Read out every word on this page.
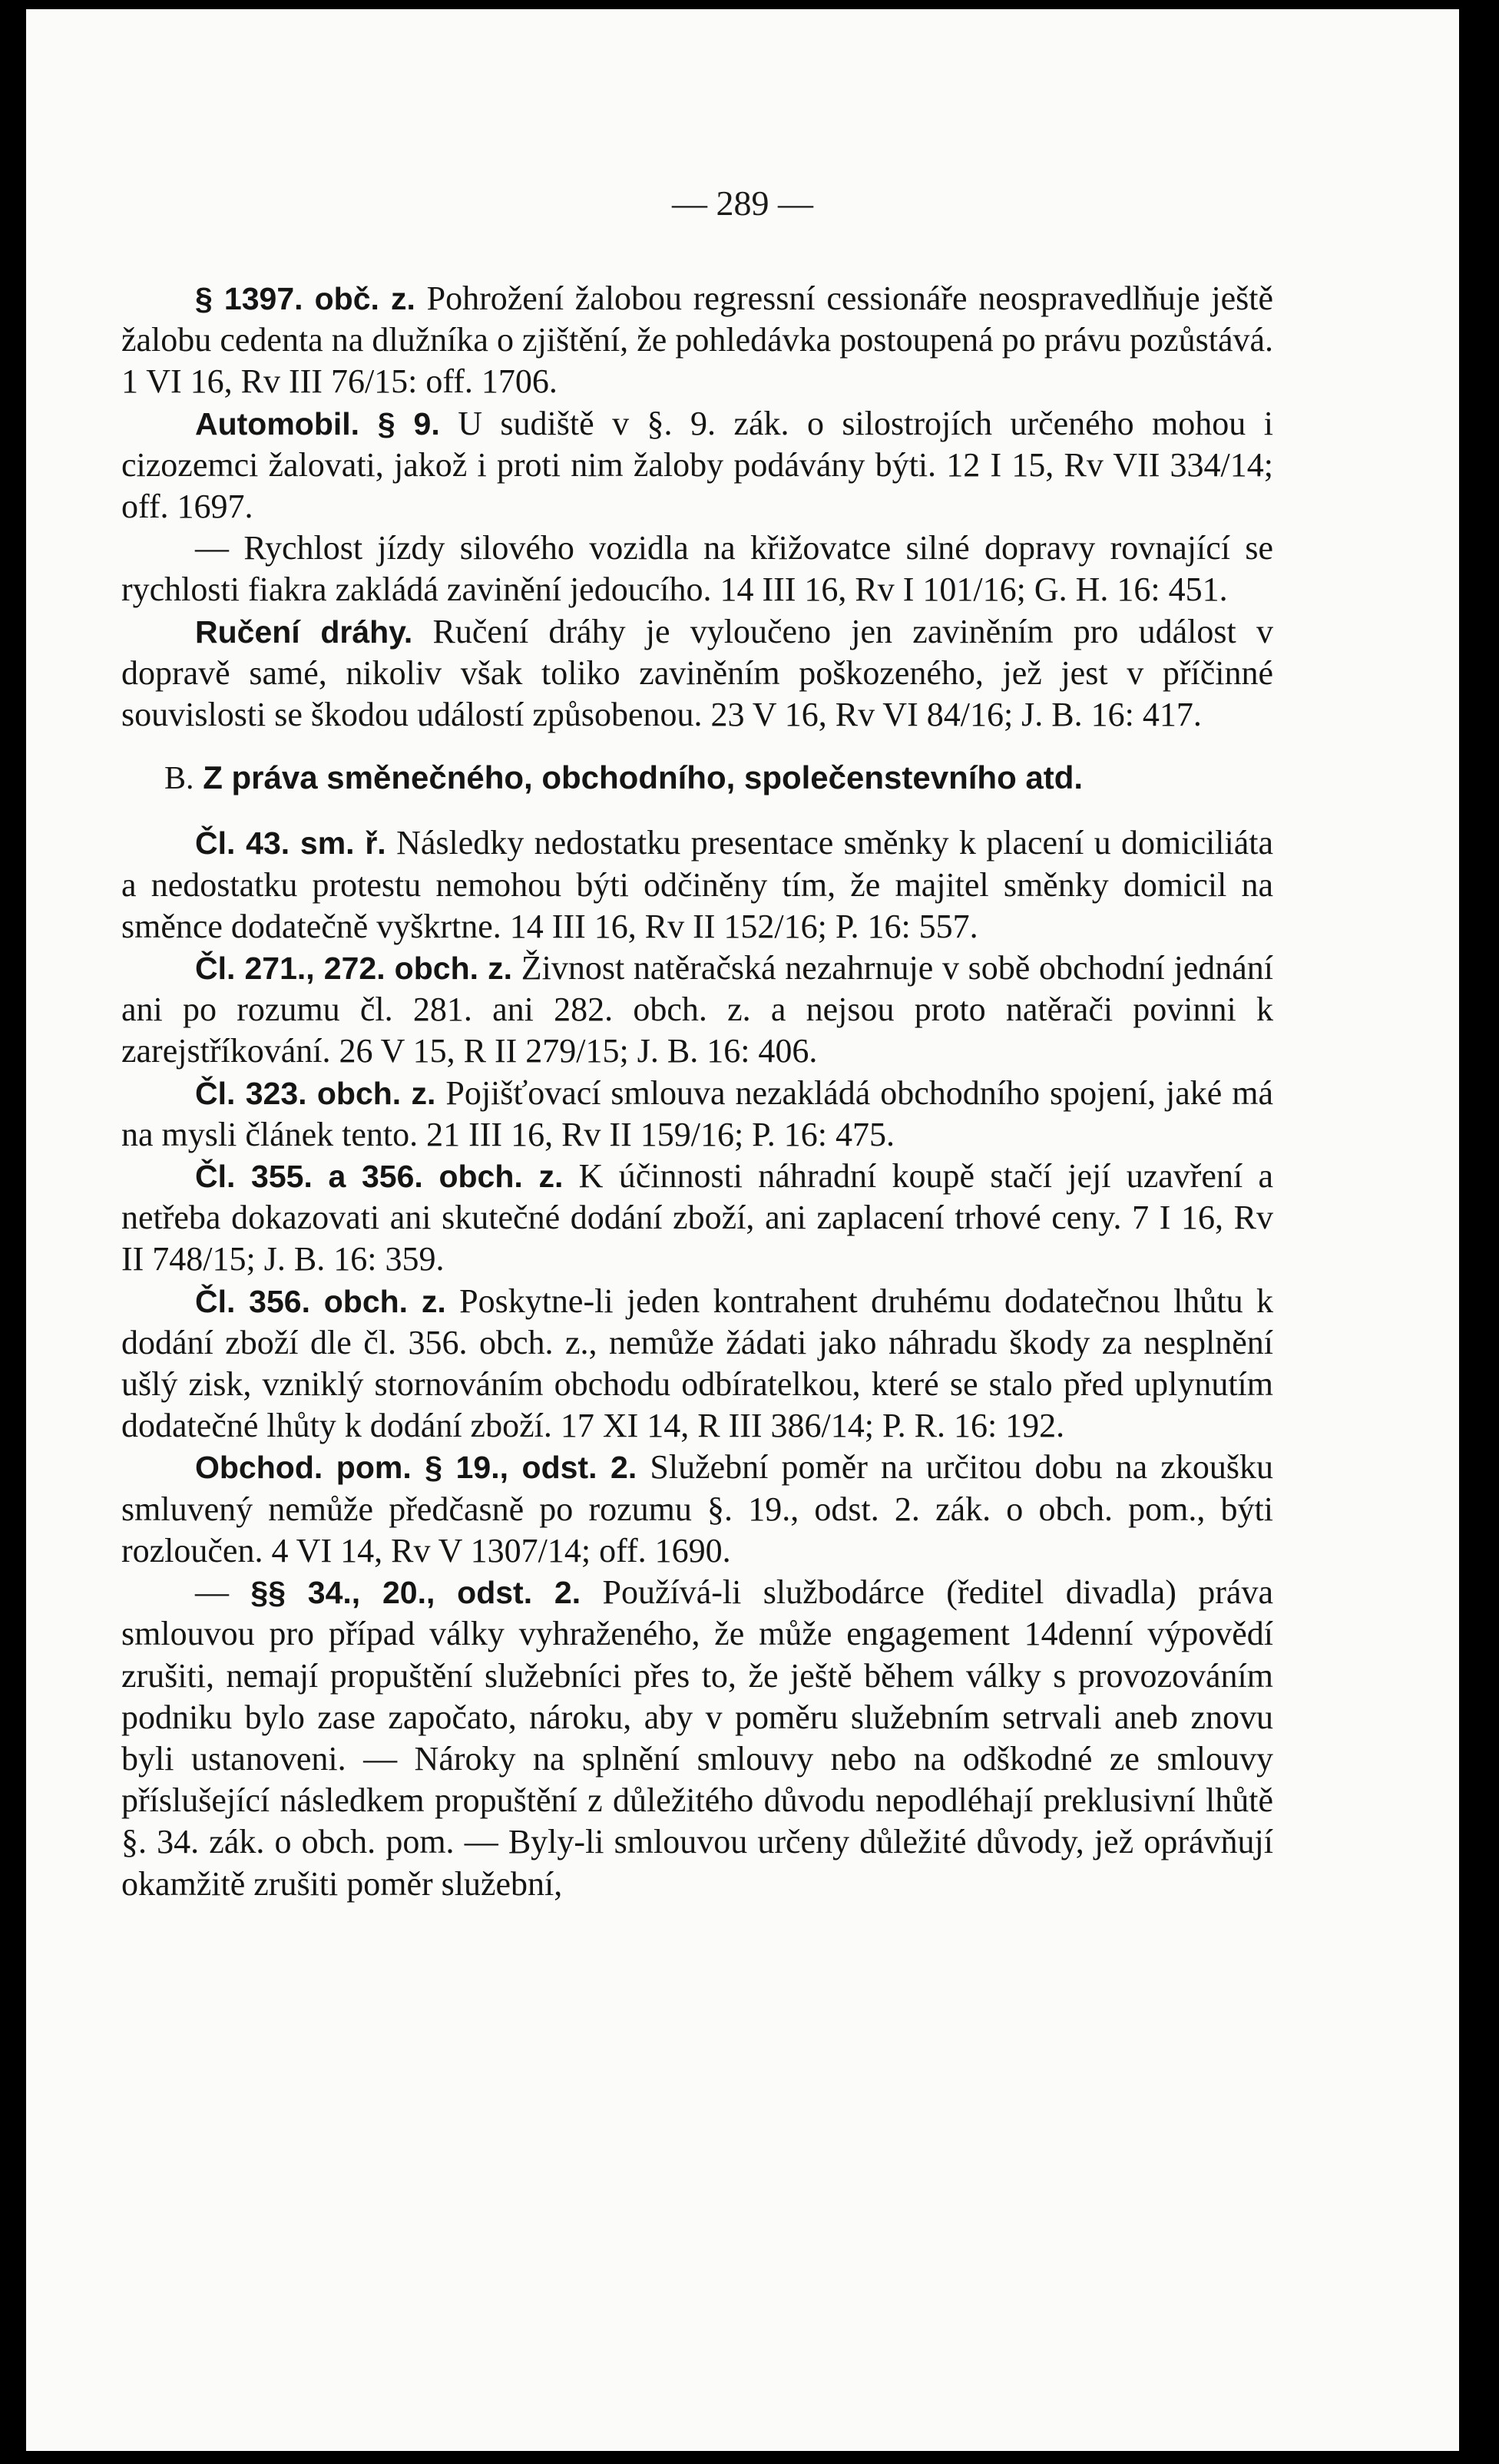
— 289 —

§ 1397. obč. z. Pohrožení žalobou regressní cessionáře neospravedlňuje ještě žalobu cedenta na dlužníka o zjištění, že pohledávka postoupená po právu pozůstává. 1 VI 16, Rv III 76/15: off. 1706.

Automobil. § 9. U sudiště v §. 9. zák. o silostrojích určeného mohou i cizozemci žalovati, jakož i proti nim žaloby podávány býti. 12 I 15, Rv VII 334/14; off. 1697.

— Rychlost jízdy silového vozidla na křižovatce silné dopravy rovnající se rychlosti fiakra zakládá zavinění jedoucího. 14 III 16, Rv I 101/16; G. H. 16: 451.

Ručení dráhy. Ručení dráhy je vyloučeno jen zaviněním pro událost v dopravě samé, nikoliv však toliko zaviněním poškozeného, jež jest v příčinné souvislosti se škodou událostí způsobenou. 23 V 16, Rv VI 84/16; J. B. 16: 417.

B. Z práva směnečného, obchodního, společenstevního atd.

Čl. 43. sm. ř. Následky nedostatku presentace směnky k placení u domiciliáta a nedostatku protestu nemohou býti odčiněny tím, že majitel směnky domicil na směnce dodatečně vyškrtne. 14 III 16, Rv II 152/16; P. 16: 557.

Čl. 271., 272. obch. z. Živnost natěračská nezahrnuje v sobě obchodní jednání ani po rozumu čl. 281. ani 282. obch. z. a nejsou proto natěrači povinni k zarejstříkování. 26 V 15, R II 279/15; J. B. 16: 406.

Čl. 323. obch. z. Pojišťovací smlouva nezakládá obchodního spojení, jaké má na mysli článek tento. 21 III 16, Rv II 159/16; P. 16: 475.

Čl. 355. a 356. obch. z. K účinnosti náhradní koupě stačí její uzavření a netřeba dokazovati ani skutečné dodání zboží, ani zaplacení trhové ceny. 7 I 16, Rv II 748/15; J. B. 16: 359.

Čl. 356. obch. z. Poskytne-li jeden kontrahent druhému dodatečnou lhůtu k dodání zboží dle čl. 356. obch. z., nemůže žádati jako náhradu škody za nesplnění ušlý zisk, vzniklý stornováním obchodu odbíratelkou, které se stalo před uplynutím dodatečné lhůty k dodání zboží. 17 XI 14, R III 386/14; P. R. 16: 192.

Obchod. pom. § 19., odst. 2. Služební poměr na určitou dobu na zkoušku smluvený nemůže předčasně po rozumu §. 19., odst. 2. zák. o obch. pom., býti rozloučen. 4 VI 14, Rv V 1307/14; off. 1690.

— §§ 34., 20., odst. 2. Používá-li službodárce (ředitel divadla) práva smlouvou pro případ války vyhraženého, že může engagement 14denní výpovědí zrušiti, nemají propuštění služebníci přes to, že ještě během války s provozováním podniku bylo zase započato, nároku, aby v poměru služebním setrvali aneb znovu byli ustanoveni. — Nároky na splnění smlouvy nebo na odškodné ze smlouvy příslušející následkem propuštění z důležitého důvodu nepodléhají preklusivní lhůtě §. 34. zák. o obch. pom. — Byly-li smlouvou určeny důležité důvody, jež oprávňují okamžitě zrušiti poměr služební,
